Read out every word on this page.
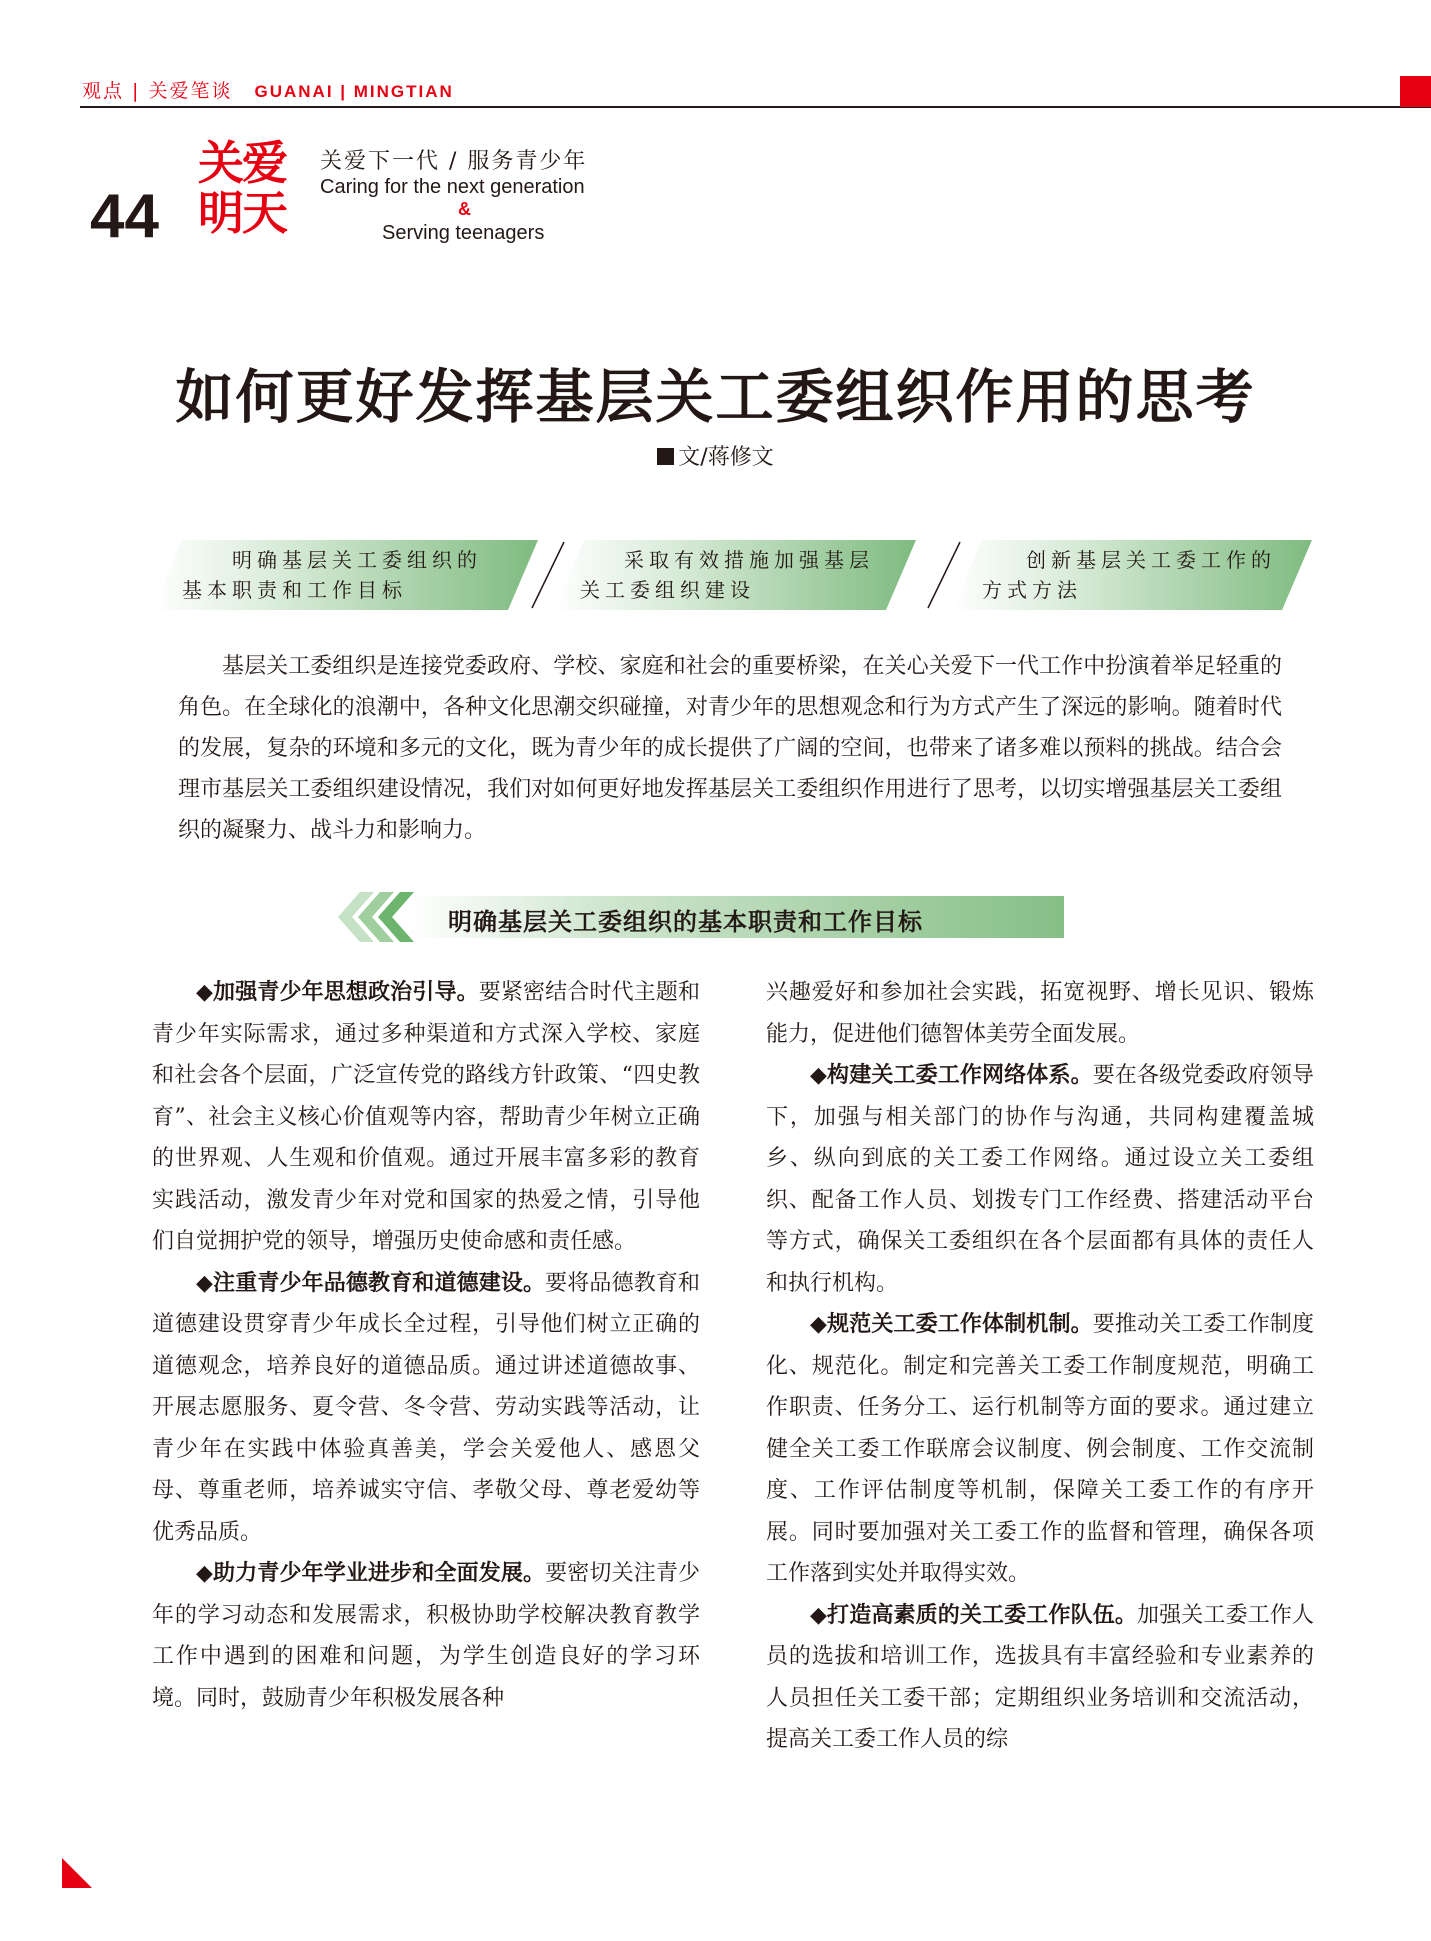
观点 | 关爱笔谈 GUANAI | MINGTIAN
44
关爱
明天
关爱下一代 / 服务青少年
Caring for the next generation
&
Serving teenagers
如何更好发挥基层关工委组织作用的思考
文/蒋修文
明确基层关工委组织的
基本职责和工作目标
采取有效措施加强基层
关工委组织建设
创新基层关工委工作的
方式方法

基层关工委组织是连接党委政府、学校、家庭和社会的重要桥梁，在关心关爱下一代工作中扮演着举足轻重的角色。在全球化的浪潮中，各种文化思潮交织碰撞，对青少年的思想观念和行为方式产生了深远的影响。随着时代的发展，复杂的环境和多元的文化，既为青少年的成长提供了广阔的空间，也带来了诸多难以预料的挑战。结合会理市基层关工委组织建设情况，我们对如何更好地发挥基层关工委组织作用进行了思考，以切实增强基层关工委组织的凝聚力、战斗力和影响力。

明确基层关工委组织的基本职责和工作目标

◆加强青少年思想政治引导。要紧密结合时代主题和青少年实际需求，通过多种渠道和方式深入学校、家庭和社会各个层面，广泛宣传党的路线方针政策、“四史教育”、社会主义核心价值观等内容，帮助青少年树立正确的世界观、人生观和价值观。通过开展丰富多彩的教育实践活动，激发青少年对党和国家的热爱之情，引导他们自觉拥护党的领导，增强历史使命感和责任感。

◆注重青少年品德教育和道德建设。要将品德教育和道德建设贯穿青少年成长全过程，引导他们树立正确的道德观念，培养良好的道德品质。通过讲述道德故事、开展志愿服务、夏令营、冬令营、劳动实践等活动，让青少年在实践中体验真善美，学会关爱他人、感恩父母、尊重老师，培养诚实守信、孝敬父母、尊老爱幼等优秀品质。

◆助力青少年学业进步和全面发展。要密切关注青少年的学习动态和发展需求，积极协助学校解决教育教学工作中遇到的困难和问题，为学生创造良好的学习环境。同时，鼓励青少年积极发展各种

兴趣爱好和参加社会实践，拓宽视野、增长见识、锻炼能力，促进他们德智体美劳全面发展。

◆构建关工委工作网络体系。要在各级党委政府领导下，加强与相关部门的协作与沟通，共同构建覆盖城乡、纵向到底的关工委工作网络。通过设立关工委组织、配备工作人员、划拨专门工作经费、搭建活动平台等方式，确保关工委组织在各个层面都有具体的责任人和执行机构。

◆规范关工委工作体制机制。要推动关工委工作制度化、规范化。制定和完善关工委工作制度规范，明确工作职责、任务分工、运行机制等方面的要求。通过建立健全关工委工作联席会议制度、例会制度、工作交流制度、工作评估制度等机制，保障关工委工作的有序开展。同时要加强对关工委工作的监督和管理，确保各项工作落到实处并取得实效。

◆打造高素质的关工委工作队伍。加强关工委工作人员的选拔和培训工作，选拔具有丰富经验和专业素养的人员担任关工委干部；定期组织业务培训和交流活动，提高关工委工作人员的综
